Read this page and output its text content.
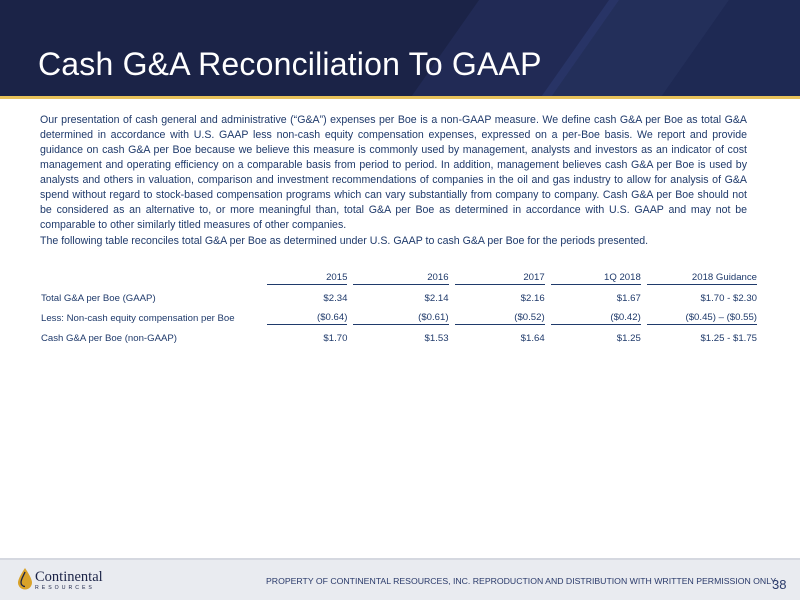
Cash G&A Reconciliation To GAAP

Our presentation of cash general and administrative (“G&A”) expenses per Boe is a non-GAAP measure. We define cash G&A per Boe as total G&A determined in accordance with U.S. GAAP less non-cash equity compensation expenses, expressed on a per-Boe basis. We report and provide guidance on cash G&A per Boe because we believe this measure is commonly used by management, analysts and investors as an indicator of cost management and operating efficiency on a comparable basis from period to period. In addition, management believes cash G&A per Boe is used by analysts and others in valuation, comparison and investment recommendations of companies in the oil and gas industry to allow for analysis of G&A spend without regard to stock-based compensation programs which can vary substantially from company to company. Cash G&A per Boe should not be considered as an alternative to, or more meaningful than, total G&A per Boe as determined in accordance with U.S. GAAP and may not be comparable to other similarly titled measures of other companies.

The following table reconciles total G&A per Boe as determined under U.S. GAAP to cash G&A per Boe for the periods presented.

	2015	2016	2017	1Q 2018	2018 Guidance

Total G&A per Boe (GAAP)	$2.34	$2.14	$2.16	$1.67	$1.70 - $2.30
Less: Non-cash equity compensation per Boe	($0.64)	($0.61)	($0.52)	($0.42)	($0.45) – ($0.55)

Cash G&A per Boe (non-GAAP)	$1.70	$1.53	$1.64	$1.25	$1.25 - $1.75
Continental
RESOURCES
PROPERTY OF CONTINENTAL RESOURCES, INC. REPRODUCTION AND DISTRIBUTION WITH WRITTEN PERMISSION ONLY
38
